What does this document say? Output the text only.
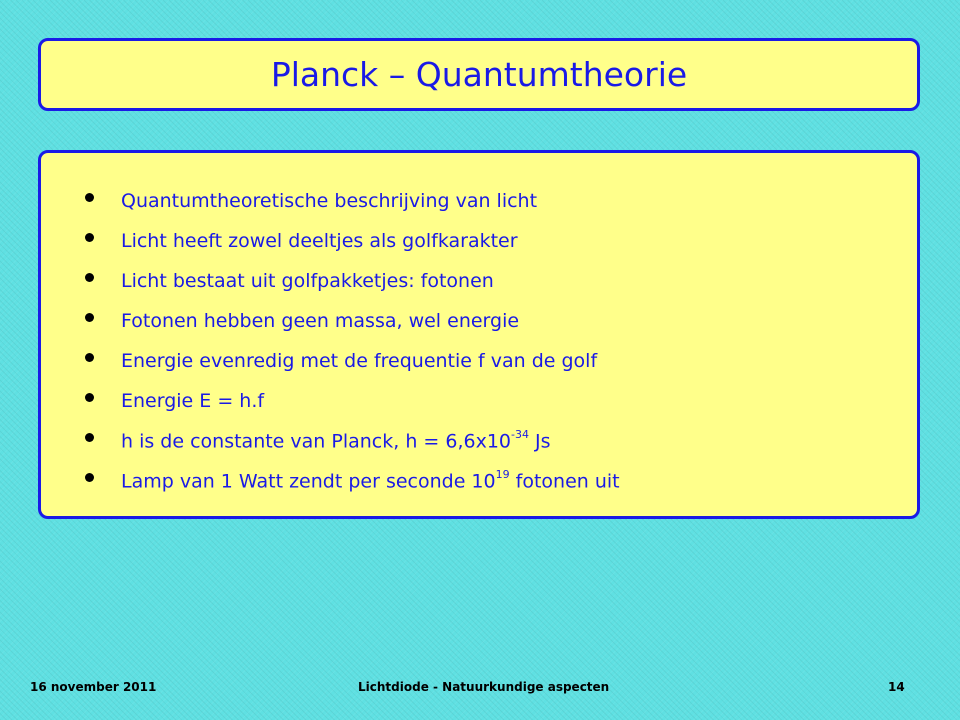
Planck – Quantumtheorie
Quantumtheoretische beschrijving van licht
Licht heeft zowel deeltjes als golfkarakter
Licht bestaat uit golfpakketjes: fotonen
Fotonen hebben geen massa, wel energie
Energie evenredig met de frequentie f van de golf
Energie E = h.f
h is de constante van Planck, $h = 6,6x10^{-34}$ Js
Lamp van 1 Watt zendt per seconde $10^{19}$ fotonen uit
16 november 2011	Lichtdiode - Natuurkundige aspecten	14
